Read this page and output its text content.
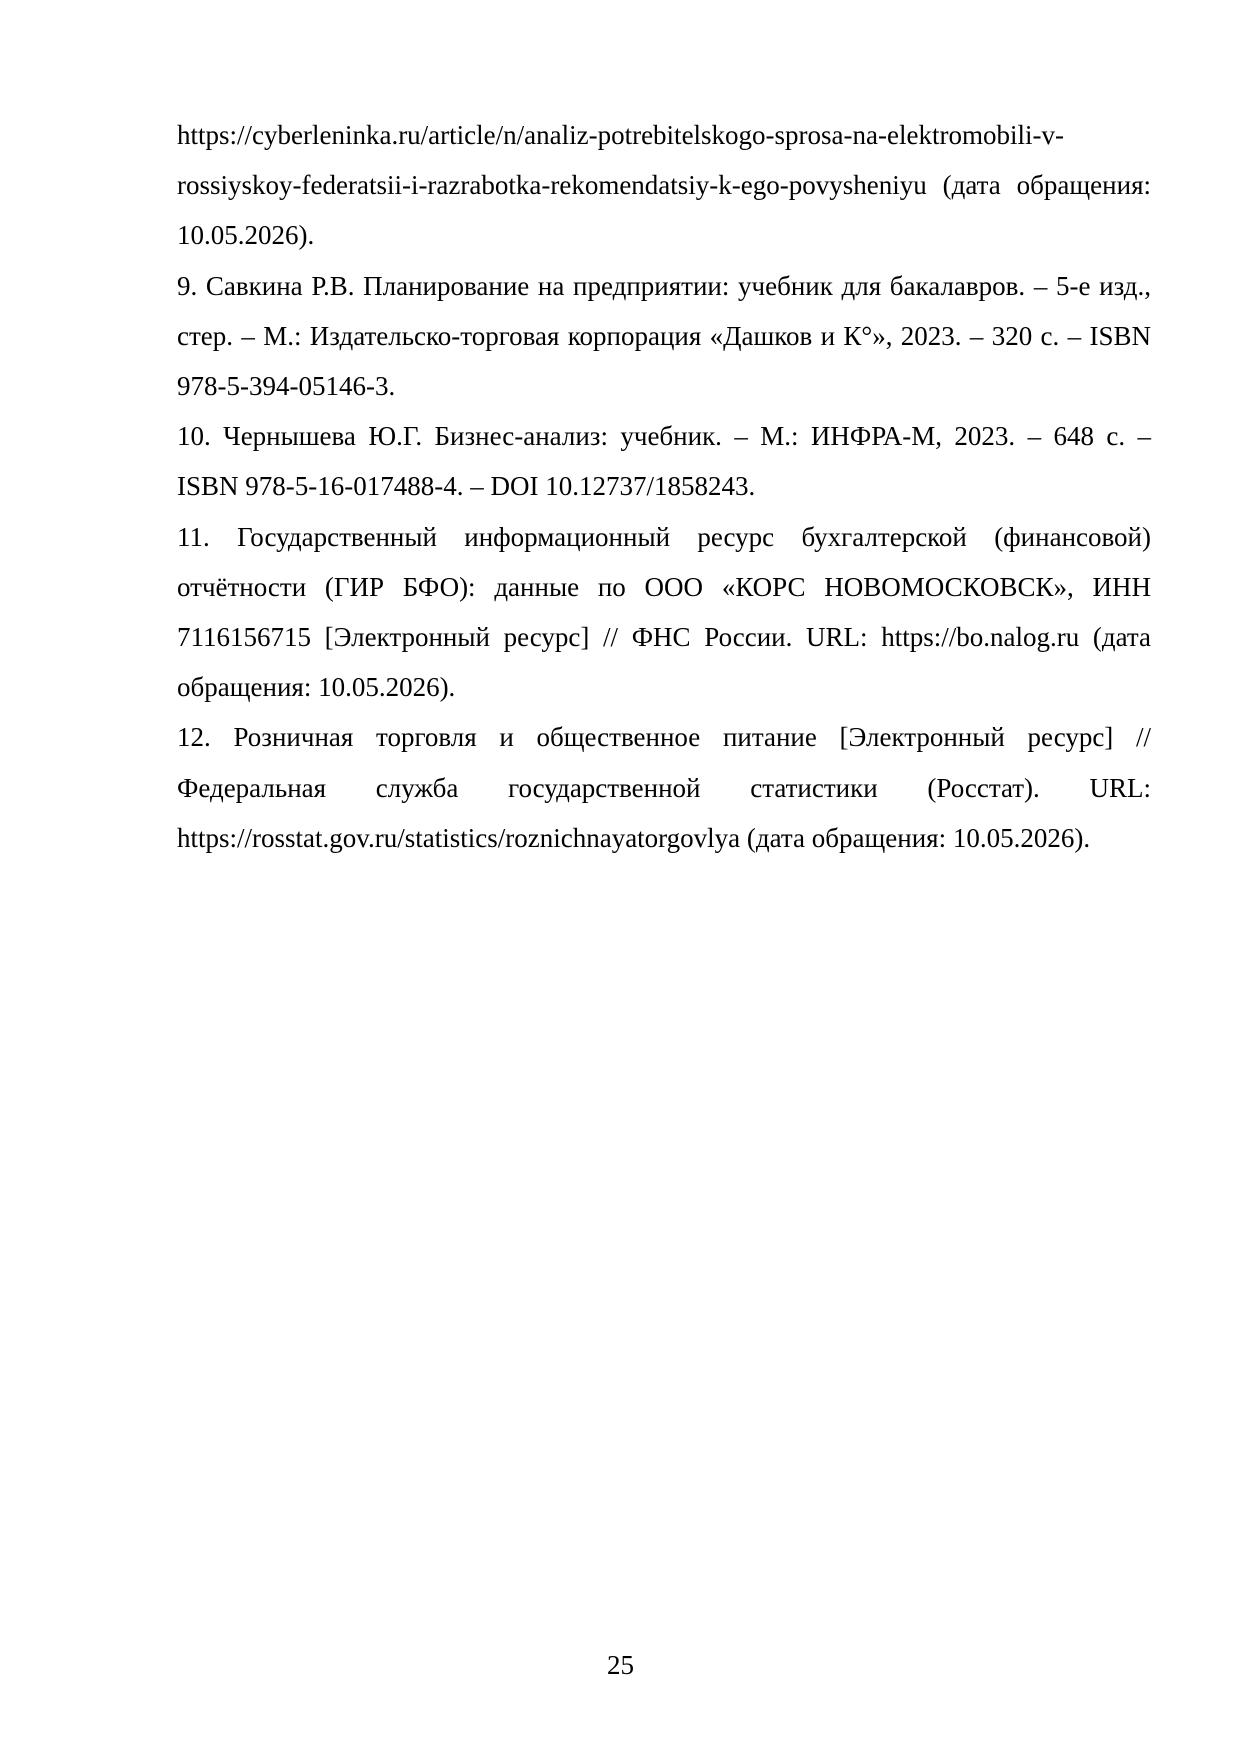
https://cyberleninka.ru/article/n/analiz-potrebitelskogo-sprosa-na-elektromobili-v-rossiyskoy-federatsii-i-razrabotka-rekomendatsiy-k-ego-povysheniyu (дата обращения: 10.05.2026).

9. Савкина Р.В. Планирование на предприятии: учебник для бакалавров. – 5-е изд., стер. – М.: Издательско-торговая корпорация «Дашков и К°», 2023. – 320 с. – ISBN 978-5-394-05146-3.

10. Чернышева Ю.Г. Бизнес-анализ: учебник. – М.: ИНФРА-М, 2023. – 648 с. – ISBN 978-5-16-017488-4. – DOI 10.12737/1858243.

11. Государственный информационный ресурс бухгалтерской (финансовой) отчётности (ГИР БФО): данные по ООО «КОРС НОВОМОСКОВСК», ИНН 7116156715 [Электронный ресурс] // ФНС России. URL: https://bo.nalog.ru (дата обращения: 10.05.2026).

12. Розничная торговля и общественное питание [Электронный ресурс] // Федеральная служба государственной статистики (Росстат). URL: https://rosstat.gov.ru/statistics/roznichnayatorgovlya (дата обращения: 10.05.2026).

25
